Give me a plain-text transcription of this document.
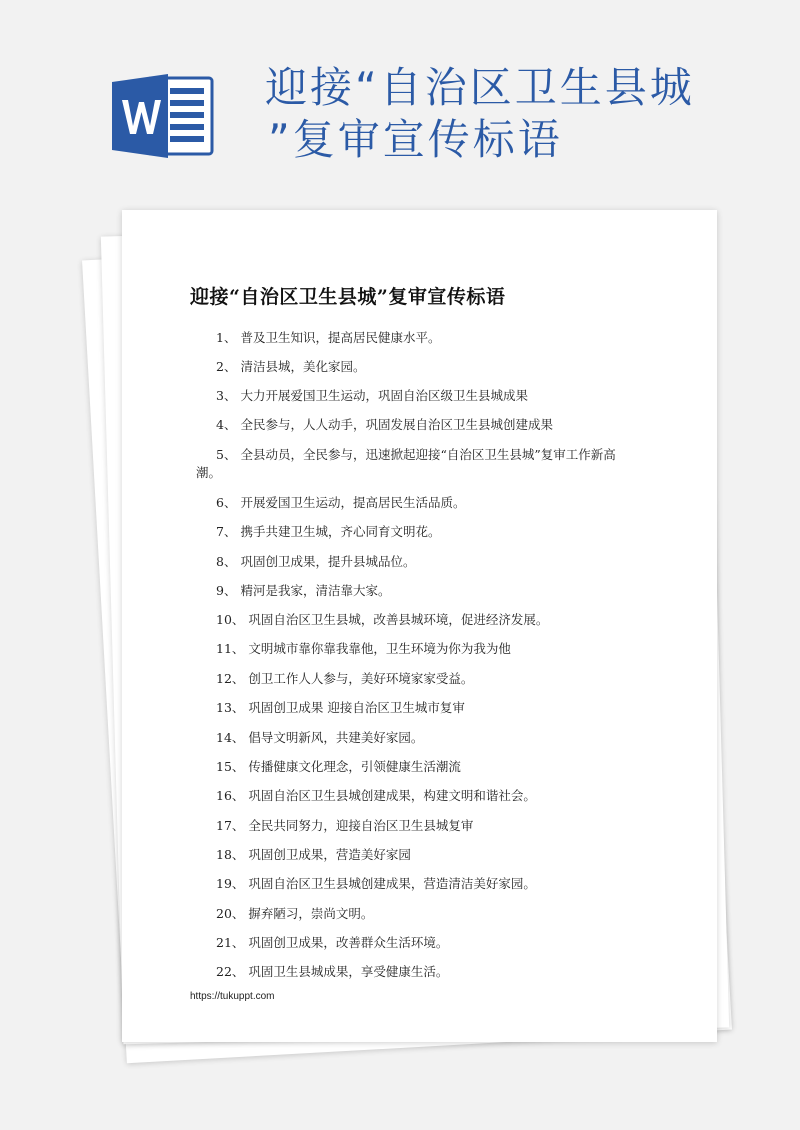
迎接“自治区卫生县城
”复审宣传标语
迎接“自治区卫生县城”复审宣传标语
1、 普及卫生知识，提高居民健康水平。
2、 清洁县城，美化家园。
3、 大力开展爱国卫生运动，巩固自治区级卫生县城成果
4、 全民参与，人人动手，巩固发展自治区卫生县城创建成果
5、 全县动员，全民参与，迅速掀起迎接“自治区卫生县城”复审工作新高
潮。
6、 开展爱国卫生运动，提高居民生活品质。
7、 携手共建卫生城，齐心同育文明花。
8、 巩固创卫成果，提升县城品位。
9、 精河是我家，清洁靠大家。
10、 巩固自治区卫生县城，改善县城环境，促进经济发展。
11、 文明城市靠你靠我靠他，卫生环境为你为我为他
12、 创卫工作人人参与，美好环境家家受益。
13、 巩固创卫成果 迎接自治区卫生城市复审
14、 倡导文明新风，共建美好家园。
15、 传播健康文化理念，引领健康生活潮流
16、 巩固自治区卫生县城创建成果，构建文明和谐社会。
17、 全民共同努力，迎接自治区卫生县城复审
18、 巩固创卫成果，营造美好家园
19、 巩固自治区卫生县城创建成果，营造清洁美好家园。
20、 摒弃陋习，崇尚文明。
21、 巩固创卫成果，改善群众生活环境。
22、 巩固卫生县城成果，享受健康生活。
https://tukuppt.com
